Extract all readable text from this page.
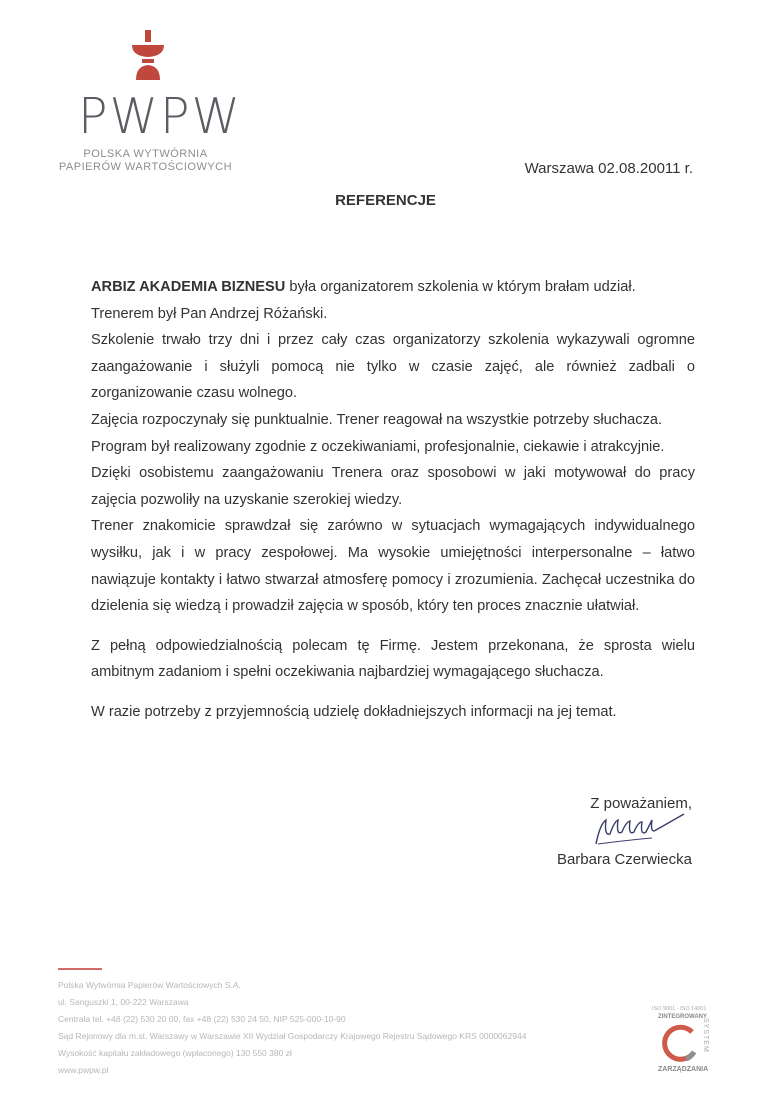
PWPW
POLSKA WYTWÓRNIA
PAPIERÓW WARTOŚCIOWYCH	Warszawa 02.08.20011 r.
REFERENCJE

ARBIZ AKADEMIA BIZNESU była organizatorem szkolenia w którym brałam udział.

Trenerem był Pan Andrzej Różański.

Szkolenie trwało trzy dni i przez cały czas organizatorzy szkolenia wykazywali ogromne zaangażowanie i służyli pomocą nie tylko w czasie zajęć, ale również zadbali o zorganizowanie czasu wolnego.

Zajęcia rozpoczynały się punktualnie. Trener reagował na wszystkie potrzeby słuchacza.

Program był realizowany zgodnie z oczekiwaniami, profesjonalnie, ciekawie i atrakcyjnie.

Dzięki osobistemu zaangażowaniu Trenera oraz sposobowi w jaki motywował do pracy zajęcia pozwoliły na uzyskanie szerokiej wiedzy.

Trener znakomicie sprawdzał się zarówno w sytuacjach wymagających indywidualnego wysiłku, jak i w pracy zespołowej. Ma wysokie umiejętności interpersonalne – łatwo nawiązuje kontakty i łatwo stwarzał atmosferę pomocy i zrozumienia. Zachęcał uczestnika do dzielenia się wiedzą i prowadził zajęcia w sposób, który ten proces znacznie ułatwiał.

Z pełną odpowiedzialnością polecam tę Firmę. Jestem przekonana, że sprosta wielu ambitnym zadaniom i spełni oczekiwania najbardziej wymagającego słuchacza.

W razie potrzeby z przyjemnością udzielę dokładniejszych informacji na jej temat.

Z poważaniem,
Barbara Czerwiecka
Polska Wytwórnia Papierów Wartościowych S.A.
ul. Sanguszki 1, 00-222 Warszawa
Centrala tel. +48 (22) 530 20 00, fax +48 (22) 530 24 50, NIP 525-000-10-90
Sąd Rejonowy dla m.st. Warszawy w Warszawie XII Wydział Gospodarczy Krajowego Rejestru Sądowego KRS 0000062944
Wysokość kapitału zakładowego (wpłaconego) 130 550 380 zł
www.pwpw.pl
ISO 9001 · ISO 14001
ZINTEGROWANY
SYSTEM
ZARZĄDZANIA
